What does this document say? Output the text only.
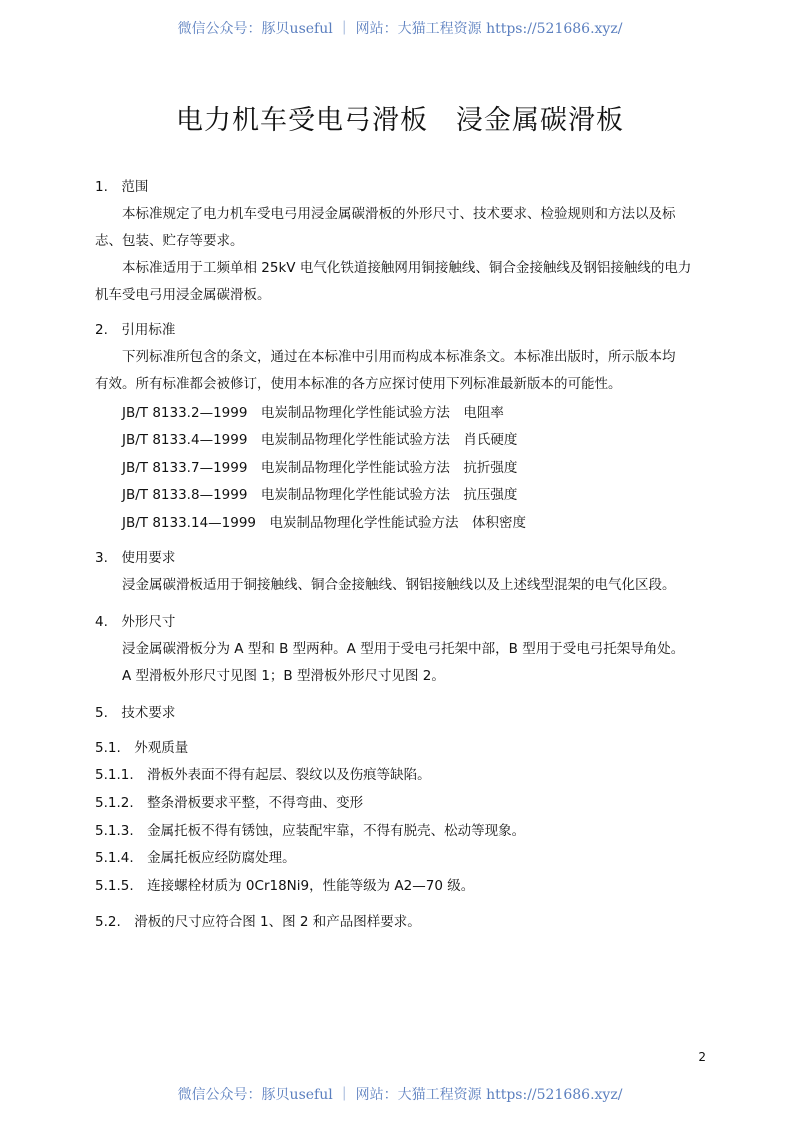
微信公众号：豚贝useful ｜ 网站：大猫工程资源 https://521686.xyz/
电力机车受电弓滑板　浸金属碳滑板
1.　范围
本标准规定了电力机车受电弓用浸金属碳滑板的外形尺寸、技术要求、检验规则和方法以及标
志、包装、贮存等要求。
本标准适用于工频单相 25kV 电气化铁道接触网用铜接触线、铜合金接触线及钢铝接触线的电力
机车受电弓用浸金属碳滑板。
2.　引用标准
下列标准所包含的条文，通过在本标准中引用而构成本标准条文。本标准出版时，所示版本均
有效。所有标准都会被修订，使用本标准的各方应探讨使用下列标准最新版本的可能性。
JB/T 8133.2—1999　电炭制品物理化学性能试验方法　电阻率
JB/T 8133.4—1999　电炭制品物理化学性能试验方法　肖氏硬度
JB/T 8133.7—1999　电炭制品物理化学性能试验方法　抗折强度
JB/T 8133.8—1999　电炭制品物理化学性能试验方法　抗压强度
JB/T 8133.14—1999　电炭制品物理化学性能试验方法　体积密度
3.　使用要求
浸金属碳滑板适用于铜接触线、铜合金接触线、钢铝接触线以及上述线型混架的电气化区段。
4.　外形尺寸
浸金属碳滑板分为 A 型和 B 型两种。A 型用于受电弓托架中部，B 型用于受电弓托架导角处。
A 型滑板外形尺寸见图 1；B 型滑板外形尺寸见图 2。
5.　技术要求
5.1.　外观质量
5.1.1.　滑板外表面不得有起层、裂纹以及伤痕等缺陷。
5.1.2.　整条滑板要求平整，不得弯曲、变形
5.1.3.　金属托板不得有锈蚀，应装配牢靠，不得有脱壳、松动等现象。
5.1.4.　金属托板应经防腐处理。
5.1.5.　连接螺栓材质为 0Cr18Ni9，性能等级为 A2—70 级。
5.2.　滑板的尺寸应符合图 1、图 2 和产品图样要求。
2
微信公众号：豚贝useful ｜ 网站：大猫工程资源 https://521686.xyz/
